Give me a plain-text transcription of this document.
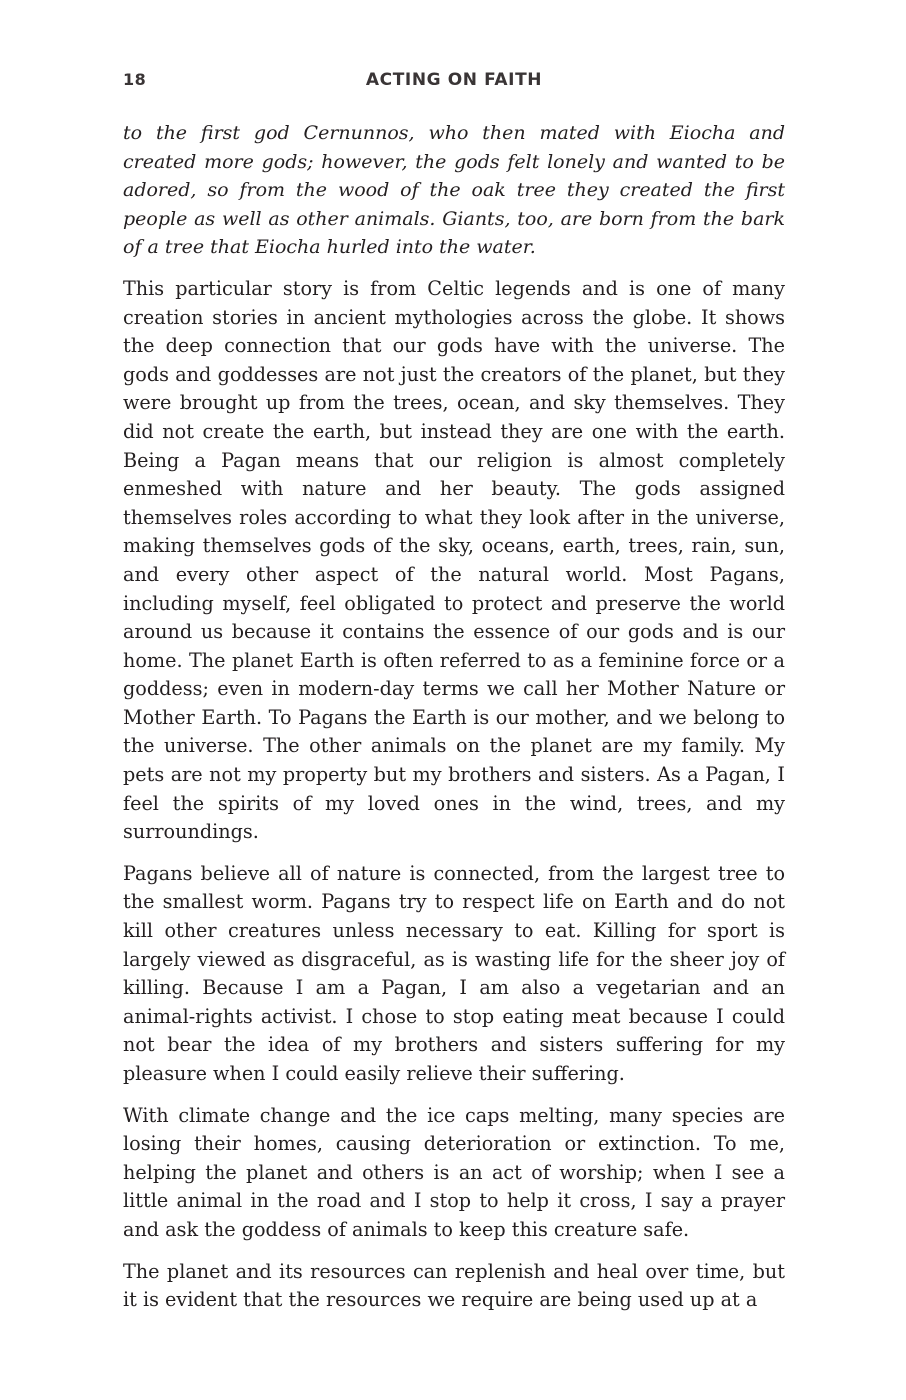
18	ACTING ON FAITH

to the first god Cernunnos, who then mated with Eiocha and created more gods; however, the gods felt lonely and wanted to be adored, so from the wood of the oak tree they created the first people as well as other animals. Giants, too, are born from the bark of a tree that Eiocha hurled into the water.

This particular story is from Celtic legends and is one of many creation stories in ancient mythologies across the globe. It shows the deep connection that our gods have with the universe. The gods and goddesses are not just the creators of the planet, but they were brought up from the trees, ocean, and sky themselves. They did not create the earth, but instead they are one with the earth. Being a Pagan means that our religion is almost completely enmeshed with nature and her beauty. The gods assigned themselves roles according to what they look after in the universe, making themselves gods of the sky, oceans, earth, trees, rain, sun, and every other aspect of the natural world. Most Pagans, including myself, feel obligated to protect and preserve the world around us because it contains the essence of our gods and is our home. The planet Earth is often referred to as a feminine force or a goddess; even in modern-day terms we call her Mother Nature or Mother Earth. To Pagans the Earth is our mother, and we belong to the universe. The other animals on the planet are my family. My pets are not my property but my brothers and sisters. As a Pagan, I feel the spirits of my loved ones in the wind, trees, and my surroundings.

Pagans believe all of nature is connected, from the largest tree to the smallest worm. Pagans try to respect life on Earth and do not kill other creatures unless necessary to eat. Killing for sport is largely viewed as disgraceful, as is wasting life for the sheer joy of killing. Because I am a Pagan, I am also a vegetarian and an animal-rights activist. I chose to stop eating meat because I could not bear the idea of my brothers and sisters suffering for my pleasure when I could easily relieve their suffering.

With climate change and the ice caps melting, many species are losing their homes, causing deterioration or extinction. To me, helping the planet and others is an act of worship; when I see a little animal in the road and I stop to help it cross, I say a prayer and ask the goddess of animals to keep this creature safe.

The planet and its resources can replenish and heal over time, but it is evident that the resources we require are being used up at a
